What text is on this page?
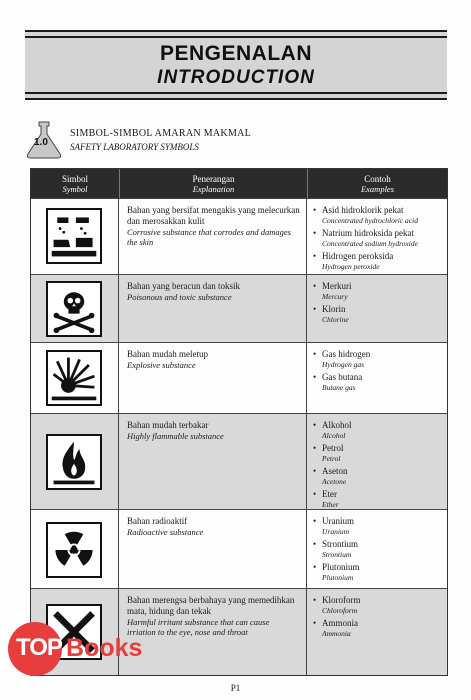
PENGENALAN
INTRODUCTION
1.0
SIMBOL-SIMBOL AMARAN MAKMAL
SAFETY LABORATORY SYMBOLS
Simbol
Symbol
Penerangan
Explanation
Contoh
Examples
Bahan yang bersifat mengakis yang melecurkan dan merosakkan kulit
Corrosive substance that corrodes and damages the skin
• Asid hidroklorik pekat
Concentrated hydrochloric acid
• Natrium hidroksida pekat
Concentrated sodium hydroxide
• Hidrogen peroksida
Hydrogen peroxide
Bahan yang beracun dan toksik
Poisonous and toxic substance
• Merkuri
Mercury
• Klorin
Chlorine
Bahan mudah meletup
Explosive substance
• Gas hidrogen
Hydrogen gas
• Gas butana
Butane gas
Bahan mudah terbakar
Highly flammable substance
• Alkohol
Alcohol
• Petrol
Petrol
• Aseton
Acetone
• Eter
Ether
Bahan radioaktif
Radioactive substance
• Uranium
Uranium
• Strontium
Strontium
• Plutonium
Plutonium
Bahan merengsa berbahaya yang memedihkan mata, hidung dan tekak
Harmful irritant substance that can cause irriation to the eye, nose and throat
• Kloroform
Chloroform
• Ammonia
Ammonia
TOP Books
P1
